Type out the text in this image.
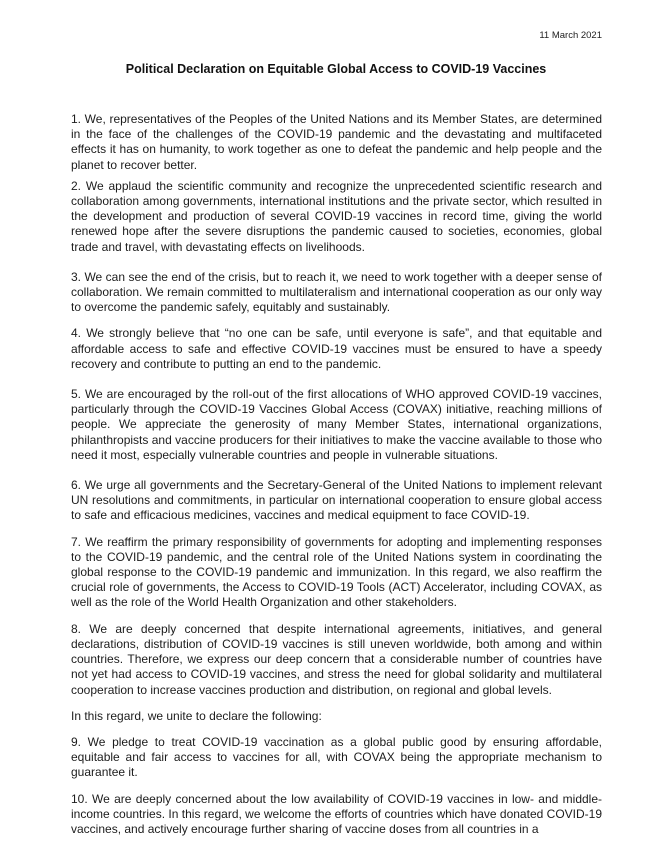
11 March 2021
Political Declaration on Equitable Global Access to COVID-19 Vaccines

1. We, representatives of the Peoples of the United Nations and its Member States, are determined in the face of the challenges of the COVID-19 pandemic and the devastating and multifaceted effects it has on humanity, to work together as one to defeat the pandemic and help people and the planet to recover better.

2. We applaud the scientific community and recognize the unprecedented scientific research and collaboration among governments, international institutions and the private sector, which resulted in the development and production of several COVID-19 vaccines in record time, giving the world renewed hope after the severe disruptions the pandemic caused to societies, economies, global trade and travel, with devastating effects on livelihoods.

3. We can see the end of the crisis, but to reach it, we need to work together with a deeper sense of collaboration. We remain committed to multilateralism and international cooperation as our only way to overcome the pandemic safely, equitably and sustainably.

4. We strongly believe that “no one can be safe, until everyone is safe”, and that equitable and affordable access to safe and effective COVID-19 vaccines must be ensured to have a speedy recovery and contribute to putting an end to the pandemic.

5. We are encouraged by the roll-out of the first allocations of WHO approved COVID-19 vaccines, particularly through the COVID-19 Vaccines Global Access (COVAX) initiative, reaching millions of people. We appreciate the generosity of many Member States, international organizations, philanthropists and vaccine producers for their initiatives to make the vaccine available to those who need it most, especially vulnerable countries and people in vulnerable situations.

6. We urge all governments and the Secretary-General of the United Nations to implement relevant UN resolutions and commitments, in particular on international cooperation to ensure global access to safe and efficacious medicines, vaccines and medical equipment to face COVID-19.

7. We reaffirm the primary responsibility of governments for adopting and implementing responses to the COVID-19 pandemic, and the central role of the United Nations system in coordinating the global response to the COVID-19 pandemic and immunization. In this regard, we also reaffirm the crucial role of governments, the Access to COVID-19 Tools (ACT) Accelerator, including COVAX, as well as the role of the World Health Organization and other stakeholders.

8. We are deeply concerned that despite international agreements, initiatives, and general declarations, distribution of COVID-19 vaccines is still uneven worldwide, both among and within countries. Therefore, we express our deep concern that a considerable number of countries have not yet had access to COVID-19 vaccines, and stress the need for global solidarity and multilateral cooperation to increase vaccines production and distribution, on regional and global levels.

In this regard, we unite to declare the following:

9. We pledge to treat COVID-19 vaccination as a global public good by ensuring affordable, equitable and fair access to vaccines for all, with COVAX being the appropriate mechanism to guarantee it.

10. We are deeply concerned about the low availability of COVID-19 vaccines in low- and middle-income countries. In this regard, we welcome the efforts of countries which have donated COVID-19 vaccines, and actively encourage further sharing of vaccine doses from all countries in a
